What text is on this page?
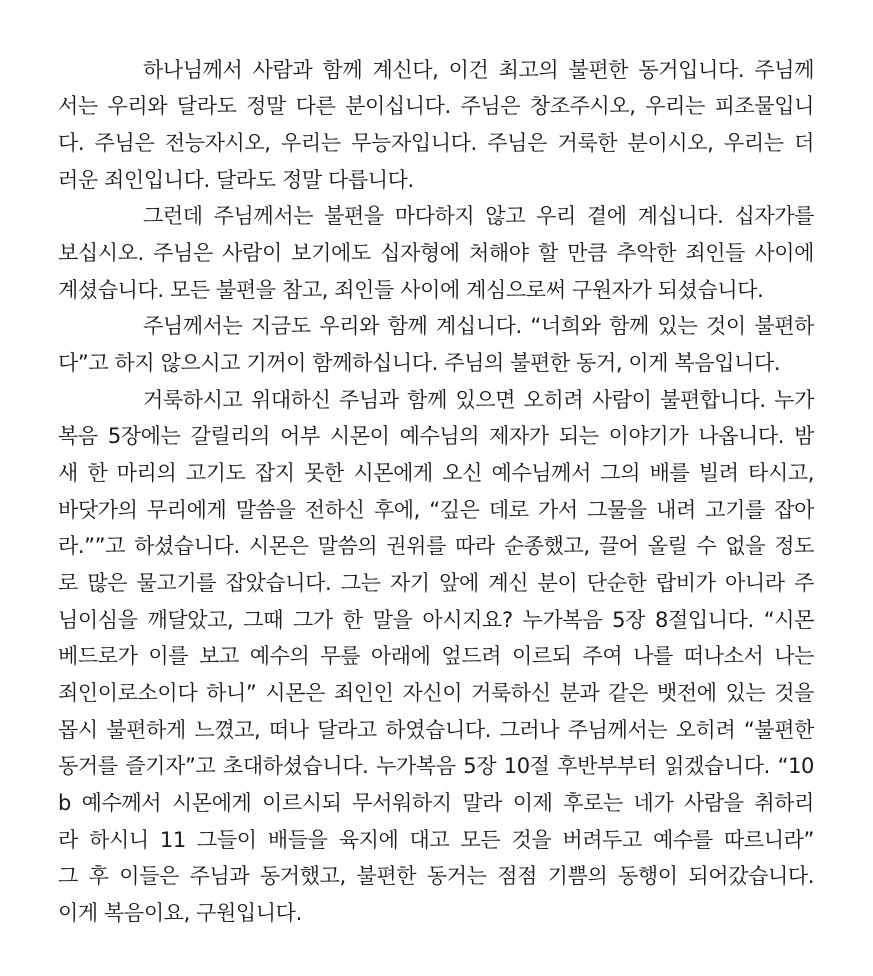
하나님께서 사람과 함께 계신다, 이건 최고의 불편한 동거입니다. 주님께
서는 우리와 달라도 정말 다른 분이십니다. 주님은 창조주시오, 우리는 피조물입니
다. 주님은 전능자시오, 우리는 무능자입니다. 주님은 거룩한 분이시오, 우리는 더
러운 죄인입니다. 달라도 정말 다릅니다.
그런데 주님께서는 불편을 마다하지 않고 우리 곁에 계십니다. 십자가를
보십시오. 주님은 사람이 보기에도 십자형에 처해야 할 만큼 추악한 죄인들 사이에
계셨습니다. 모든 불편을 참고, 죄인들 사이에 계심으로써 구원자가 되셨습니다.
주님께서는 지금도 우리와 함께 계십니다. “너희와 함께 있는 것이 불편하
다”고 하지 않으시고 기꺼이 함께하십니다. 주님의 불편한 동거, 이게 복음입니다.
거룩하시고 위대하신 주님과 함께 있으면 오히려 사람이 불편합니다. 누가
복음 5장에는 갈릴리의 어부 시몬이 예수님의 제자가 되는 이야기가 나옵니다. 밤
새 한 마리의 고기도 잡지 못한 시몬에게 오신 예수님께서 그의 배를 빌려 타시고,
바닷가의 무리에게 말씀을 전하신 후에, “깊은 데로 가서 그물을 내려 고기를 잡아
라.””고 하셨습니다. 시몬은 말씀의 권위를 따라 순종했고, 끌어 올릴 수 없을 정도
로 많은 물고기를 잡았습니다. 그는 자기 앞에 계신 분이 단순한 랍비가 아니라 주
님이심을 깨달았고, 그때 그가 한 말을 아시지요? 누가복음 5장 8절입니다. “시몬
베드로가 이를 보고 예수의 무릎 아래에 엎드려 이르되 주여 나를 떠나소서 나는
죄인이로소이다 하니” 시몬은 죄인인 자신이 거룩하신 분과 같은 뱃전에 있는 것을
몹시 불편하게 느꼈고, 떠나 달라고 하였습니다. 그러나 주님께서는 오히려 “불편한
동거를 즐기자”고 초대하셨습니다. 누가복음 5장 10절 후반부부터 읽겠습니다. “10
b 예수께서 시몬에게 이르시되 무서워하지 말라 이제 후로는 네가 사람을 취하리
라 하시니 11 그들이 배들을 육지에 대고 모든 것을 버려두고 예수를 따르니라”
그 후 이들은 주님과 동거했고, 불편한 동거는 점점 기쁨의 동행이 되어갔습니다.
이게 복음이요, 구원입니다.
